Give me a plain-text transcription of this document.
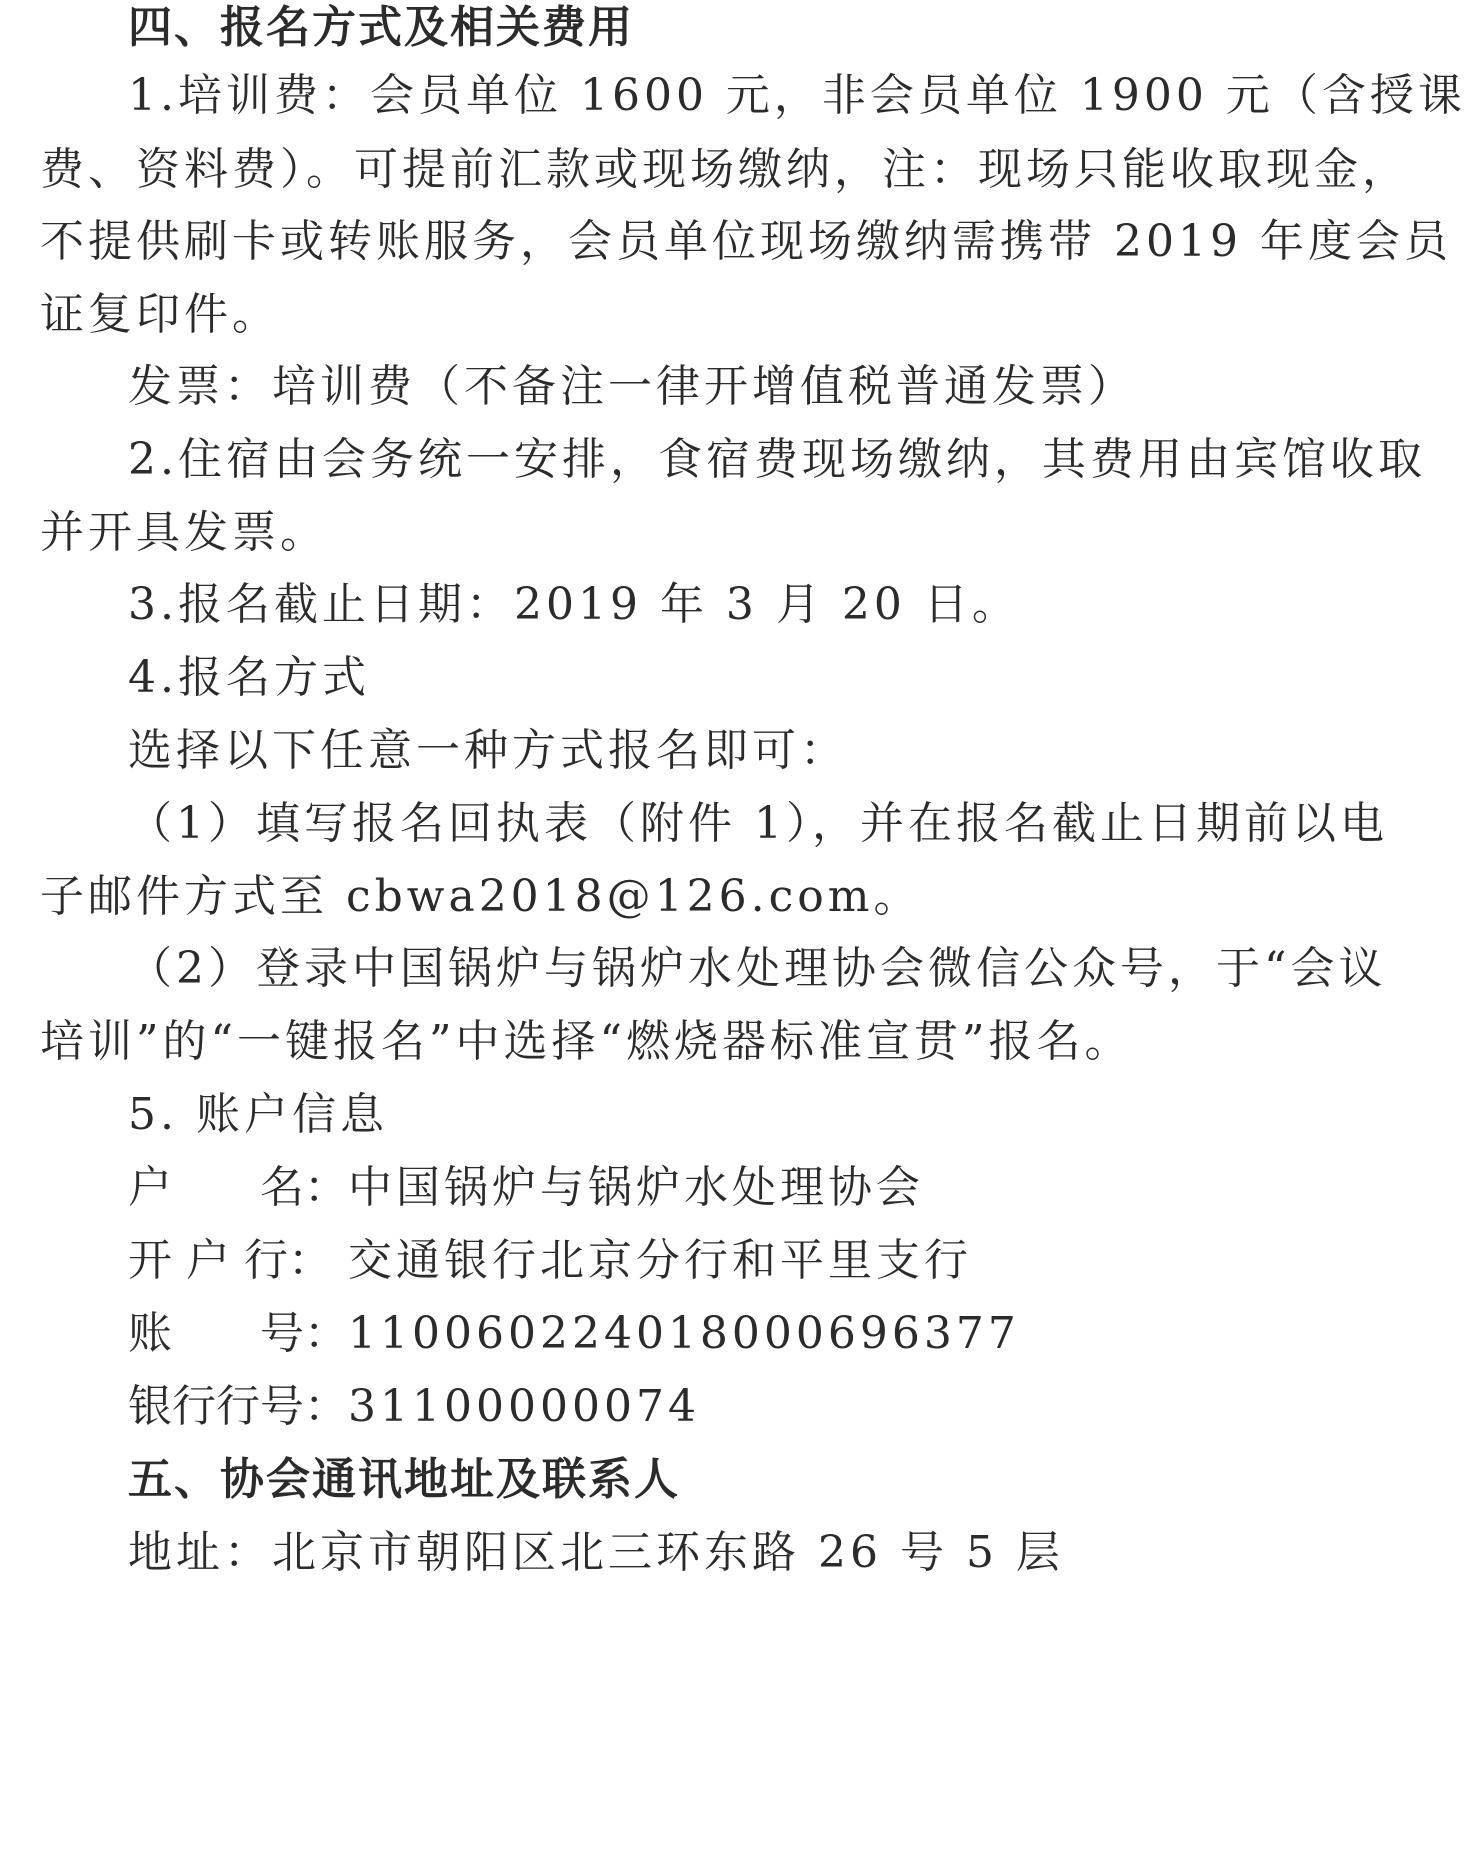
四、报名方式及相关费用
1.培训费：会员单位 1600 元，非会员单位 1900 元（含授课
费、资料费）。可提前汇款或现场缴纳，注：现场只能收取现金，
不提供刷卡或转账服务，会员单位现场缴纳需携带 2019 年度会员
证复印件。
发票：培训费（不备注一律开增值税普通发票）
2.住宿由会务统一安排，食宿费现场缴纳，其费用由宾馆收取
并开具发票。
3.报名截止日期：2019 年 3 月 20 日。
4.报名方式
选择以下任意一种方式报名即可：
（1）填写报名回执表（附件 1），并在报名截止日期前以电
子邮件方式至 cbwa2018@126.com。
（2）登录中国锅炉与锅炉水处理协会微信公众号，于“会议
培训”的“一键报名”中选择“燃烧器标准宣贯”报名。
5. 账户信息
户　　名：中国锅炉与锅炉水处理协会
开 户 行： 交通银行北京分行和平里支行
账　　号：110060224018000696377
银行行号：31100000074
五、协会通讯地址及联系人
地址：北京市朝阳区北三环东路 26 号 5 层
